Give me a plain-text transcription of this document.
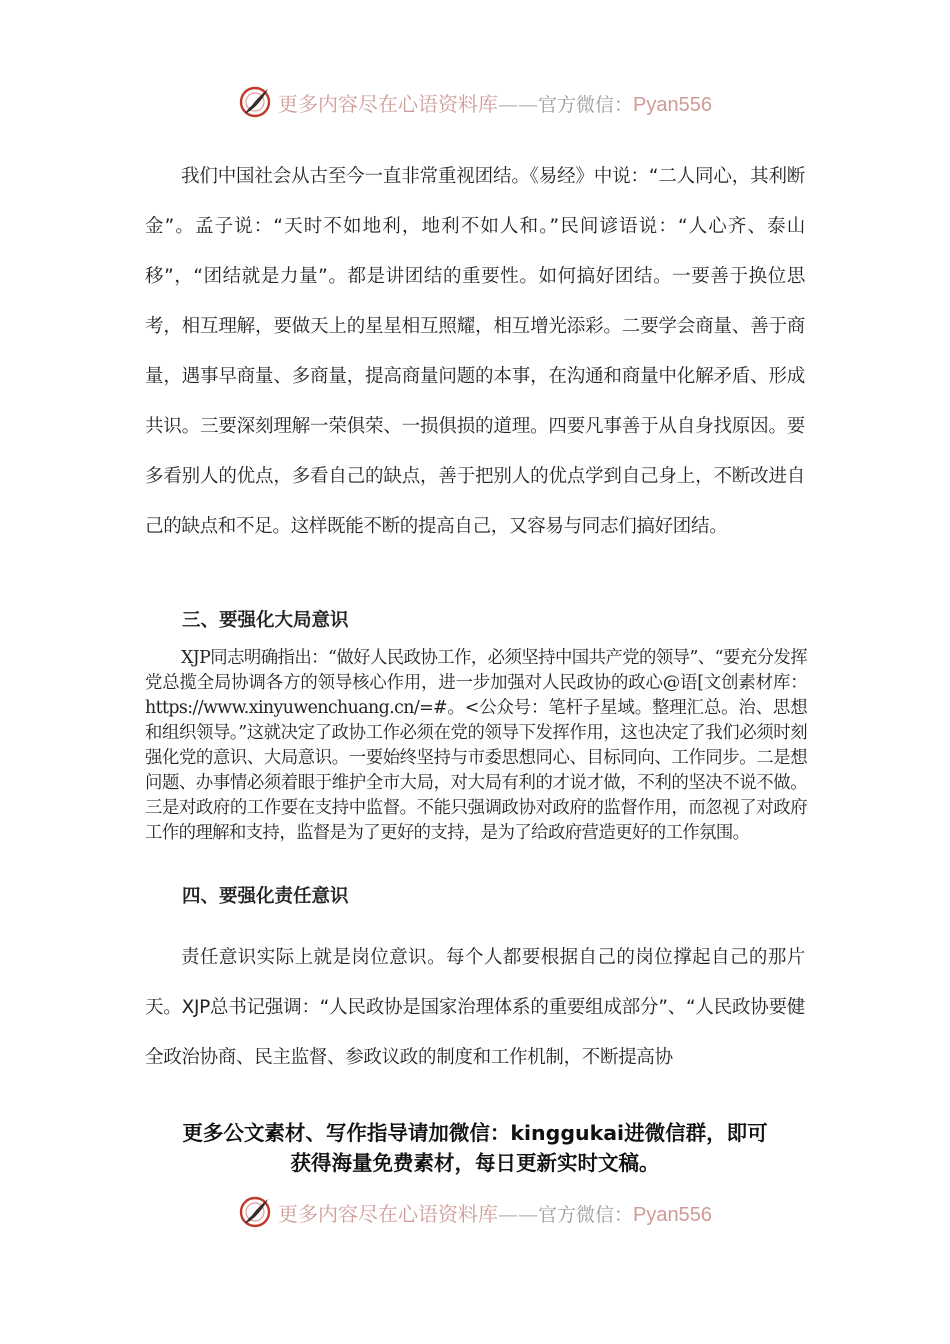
更多内容尽在心语资料库 —— 官方微信： Pyan556

我们中国社会从古至今一直非常重视团结。《易经》中说：“二人同心，其利断金”。孟子说：“天时不如地利，地利不如人和。”民间谚语说：“人心齐、泰山移”，“团结就是力量”。都是讲团结的重要性。如何搞好团结。一要善于换位思考，相互理解，要做天上的星星相互照耀，相互增光添彩。二要学会商量、善于商量，遇事早商量、多商量，提高商量问题的本事，在沟通和商量中化解矛盾、形成共识。三要深刻理解一荣俱荣、一损俱损的道理。四要凡事善于从自身找原因。要多看别人的优点，多看自己的缺点，善于把别人的优点学到自己身上，不断改进自己的缺点和不足。这样既能不断的提高自己，又容易与同志们搞好团结。

三、要强化大局意识

XJP同志明确指出：“做好人民政协工作，必须坚持中国共产党的领导”、“要充分发挥党总揽全局协调各方的领导核心作用，进一步加强对人民政协的政心@语[文创素材库：https://www.xinyuwenchuang.cn/=#。<公众号：笔杆子星域。整理汇总。治、思想和组织领导。”这就决定了政协工作必须在党的领导下发挥作用，这也决定了我们必须时刻强化党的意识、大局意识。一要始终坚持与市委思想同心、目标同向、工作同步。二是想问题、办事情必须着眼于维护全市大局，对大局有利的才说才做，不利的坚决不说不做。三是对政府的工作要在支持中监督。不能只强调政协对政府的监督作用，而忽视了对政府工作的理解和支持，监督是为了更好的支持，是为了给政府营造更好的工作氛围。

四、要强化责任意识

责任意识实际上就是岗位意识。每个人都要根据自己的岗位撑起自己的那片天。XJP总书记强调：“人民政协是国家治理体系的重要组成部分”、“人民政协要健全政治协商、民主监督、参政议政的制度和工作机制，不断提高协

更多公文素材、写作指导请加微信：kinggukai进微信群，即可
获得海量免费素材，每日更新实时文稿。
更多内容尽在心语资料库 —— 官方微信： Pyan556
